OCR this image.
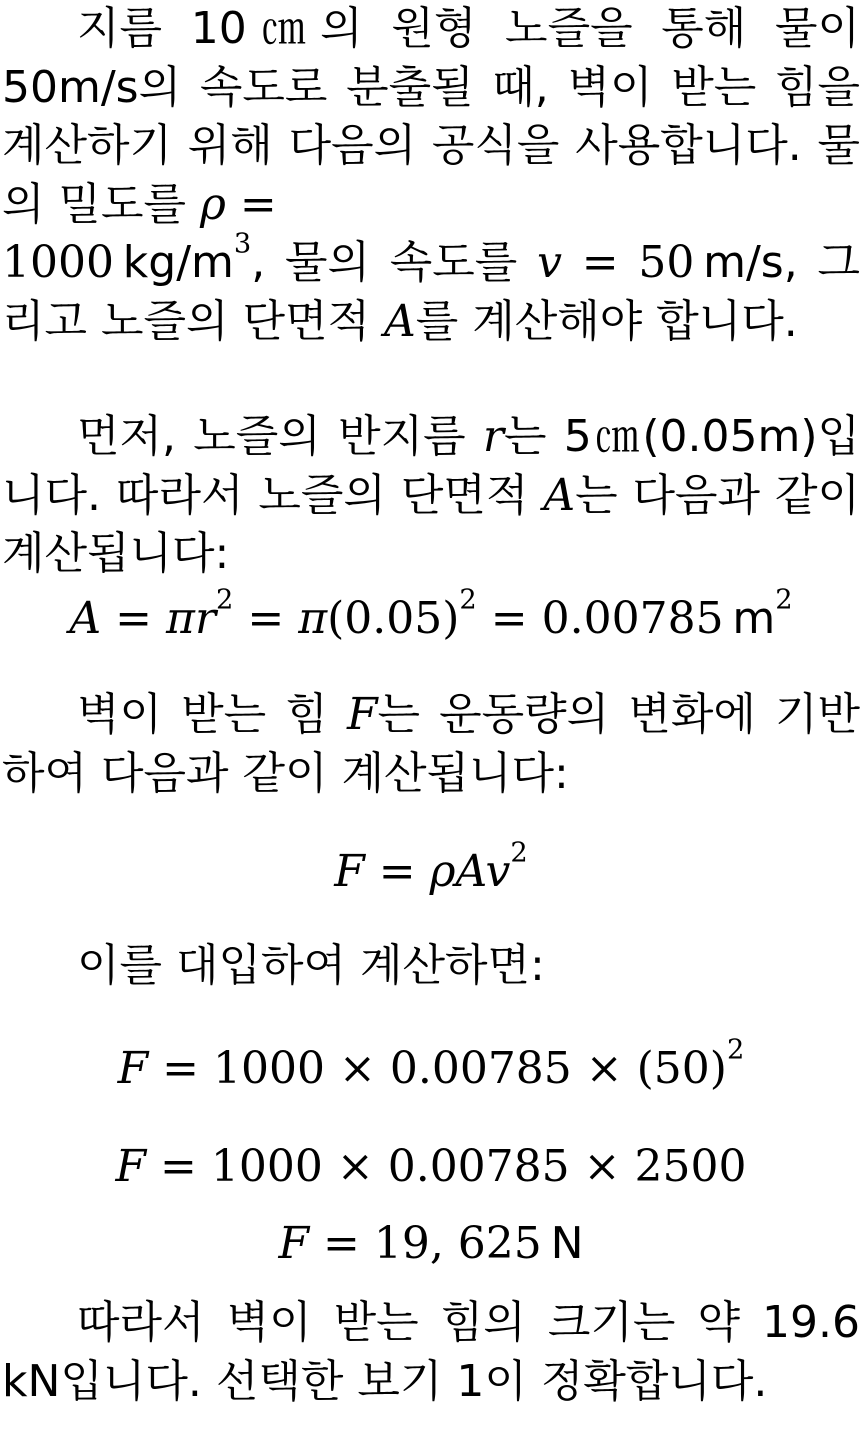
지름 10㎝의 원형 노즐을 통해 물이 50m/s의 속도로 분출될 때, 벽이 받는 힘을 계산하기 위해 다음의 공식을 사용합니다. 물의 밀도를 ρ =
1000  $kg/m^3$, 물의 속도를 v = 50  m/s, 그리고 노즐의 단면적 A를 계산해야 합니다.

먼저, 노즐의 반지름 r는 5㎝(0.05m)입니다. 따라서 노즐의 단면적 A는 다음과 같이 계산됩니다:

$A = \pi r^2 = \pi(0.05)^2 = 0.00785$  $m^2$

벽이 받는 힘 F는 운동량의 변화에 기반하여 다음과 같이 계산됩니다:

F = ρAv$^2$

이를 대입하여 계산하면:

$F = 1000 \times 0.00785 \times (50)^2$
F = 1000 × 0.00785 × 2500
F = 19, 625  N

따라서 벽이 받는 힘의 크기는 약 19.6 kN입니다. 선택한 보기 1이 정확합니다.
